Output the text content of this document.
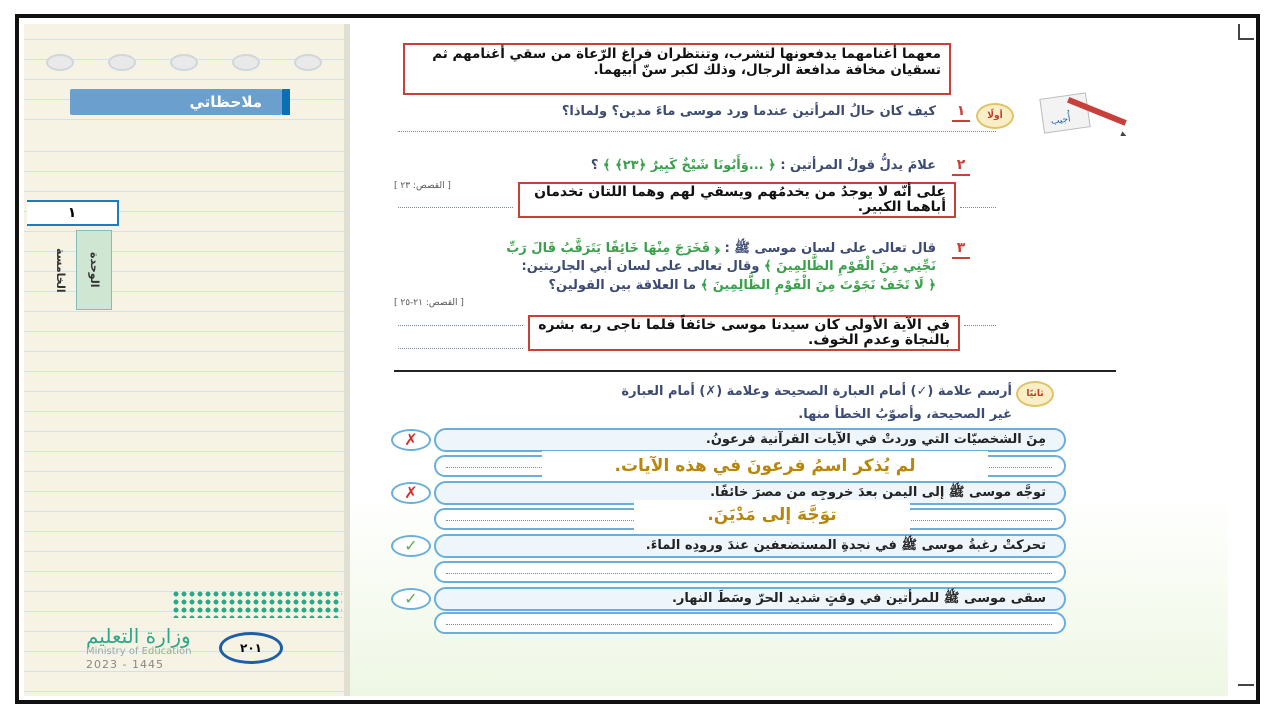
ملاحظاتي
١
الوحدة الخامسة
وزارة التعليم
Ministry of Education
2023 - 1445
٢٠١
معهما أغنامهما يدفعونها لتشرب، وتنتظران فراغ الرّعاة من سقي أغنامهم ثم تسقيان مخافة مدافعة الرجال، وذلك لكبر سنّ أبيهما.
أُجيب
أولًا
١
كيف كان حالُ المرأتين عندما ورد موسى ماءَ مدين؟ ولماذا؟
٢
علامَ يدلُّ قولُ المرأتين : ﴿ ...وَأَبُونَا شَيْخٌ كَبِيرٌ ﴿٢٣﴾ ﴾ ؟
[ القصص: ٢٣ ]	على أنّه لا يوجدُ من يخدمُهم ويسقي لهم وهما اللتان تخدمان أباهما الكبير.
٣
قال تعالى على لسان موسى ﷺ : ﴿ فَخَرَجَ مِنْهَا خَائِفًا يَتَرَقَّبُ قَالَ رَبِّ
نَجِّنِي مِنَ الْقَوْمِ الظَّالِمِينَ ﴾ وقال تعالى على لسان أبي الجاريتين:
﴿ لَا تَخَفْ نَجَوْتَ مِنَ الْقَوْمِ الظَّالِمِينَ ﴾ ما العلاقة بين القولين؟
[ القصص: ٢١-٢٥ ]
في الآية الأولى كان سيدنا موسى خائفاً فلما ناجى ربه بشره بالنجاة وعدم الخوف.
ثانيًا
أرسم علامة (✓) أمام العبارة الصحيحة وعلامة (✗) أمام العبارة
غير الصحيحة، وأصوّبُ الخطأ منها.
✗	مِنَ الشخصيّات التي وردتْ في الآيات القرآنية فرعونُ.
لم يُذكر اسمُ فرعونَ في هذه الآيات.
✗	توجَّه موسى ﷺ إلى اليمن بعدَ خروجِه من مصرَ خائفًا.
توَجَّهَ إلى مَدْيَنَ.
✓	تحركتْ رغبةُ موسى ﷺ في نجدةِ المستضعفين عندَ ورودِه الماءَ.
✓	سقى موسى ﷺ للمرأتين في وقتٍ شديد الحرّ وسَطَ النهار.
